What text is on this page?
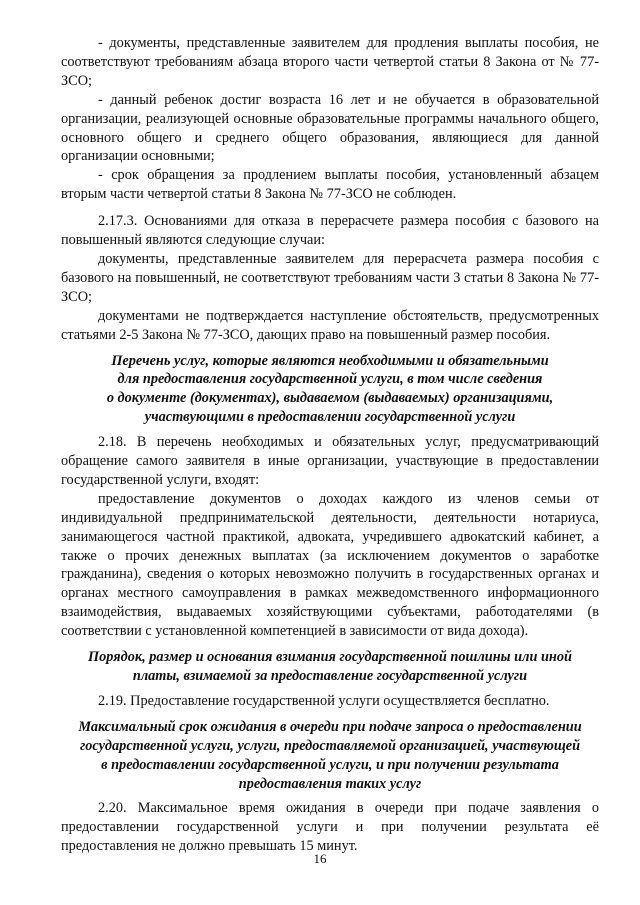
- документы, представленные заявителем для продления выплаты пособия, не соответствуют требованиям абзаца второго части четвертой статьи 8 Закона от № 77-ЗСО;

- данный ребенок достиг возраста 16 лет и не обучается в образовательной организации, реализующей основные образовательные программы начального общего, основного общего и среднего общего образования, являющиеся для данной организации основными;

- срок обращения за продлением выплаты пособия, установленный абзацем вторым части четвертой статьи 8 Закона № 77-ЗСО не соблюден.

2.17.3. Основаниями для отказа в перерасчете размера пособия с базового на повышенный являются следующие случаи:

документы, представленные заявителем для перерасчета размера пособия с базового на повышенный, не соответствуют требованиям части 3 статьи 8 Закона № 77-ЗСО;

документами не подтверждается наступление обстоятельств, предусмотренных статьями 2-5 Закона № 77-ЗСО, дающих право на повышенный размер пособия.

Перечень услуг, которые являются необходимыми и обязательными
для предоставления государственной услуги, в том числе сведения
о документе (документах), выдаваемом (выдаваемых) организациями,
участвующими в предоставлении государственной услуги

2.18. В перечень необходимых и обязательных услуг, предусматривающий обращение самого заявителя в иные организации, участвующие в предоставлении государственной услуги, входят:

предоставление документов о доходах каждого из членов семьи от индивидуальной предпринимательской деятельности, деятельности нотариуса, занимающегося частной практикой, адвоката, учредившего адвокатский кабинет, а также о прочих денежных выплатах (за исключением документов о заработке гражданина), сведения о которых невозможно получить в государственных органах и органах местного самоуправления в рамках межведомственного информационного взаимодействия, выдаваемых хозяйствующими субъектами, работодателями (в соответствии с установленной компетенцией в зависимости от вида дохода).

Порядок, размер и основания взимания государственной пошлины или иной
платы, взимаемой за предоставление государственной услуги

2.19. Предоставление государственной услуги осуществляется бесплатно.

Максимальный срок ожидания в очереди при подаче запроса о предоставлении
государственной услуги, услуги, предоставляемой организацией, участвующей
в предоставлении государственной услуги, и при получении результата
предоставления таких услуг

2.20. Максимальное время ожидания в очереди при подаче заявления о предоставлении государственной услуги и при получении результата её предоставления не должно превышать 15 минут.

16
